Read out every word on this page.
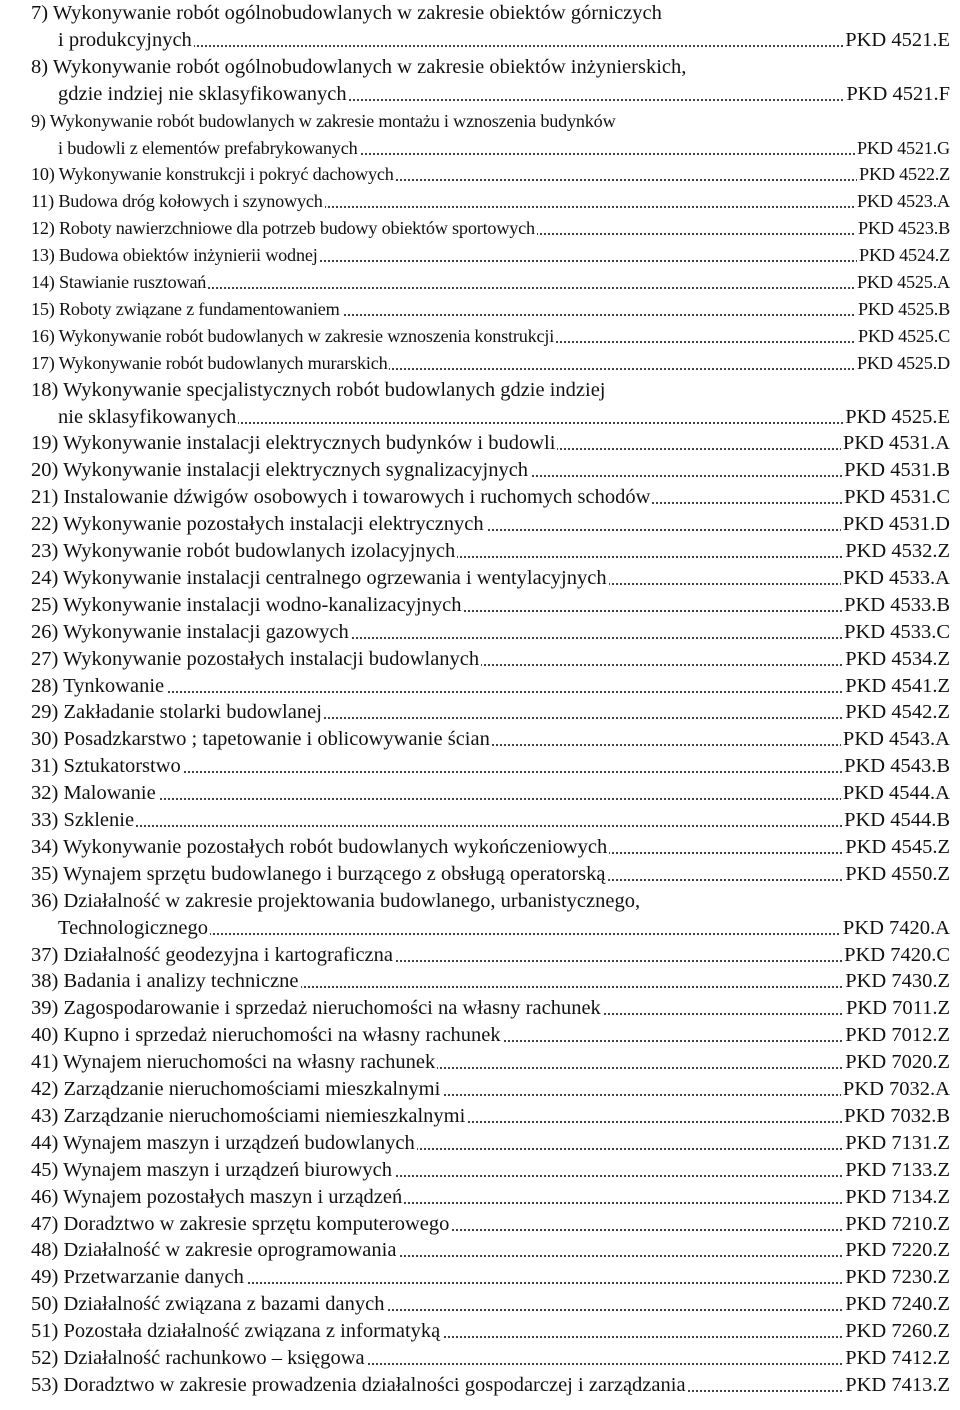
7) Wykonywanie robót ogólnobudowlanych w zakresie obiektów górniczych
i produkcyjnych	PKD 4521.E
8) Wykonywanie robót ogólnobudowlanych w zakresie obiektów inżynierskich,
gdzie indziej nie sklasyfikowanych	PKD 4521.F
9) Wykonywanie robót budowlanych w zakresie montażu i wznoszenia budynków
i budowli z elementów prefabrykowanych	PKD 4521.G
10) Wykonywanie konstrukcji i pokryć dachowych	PKD 4522.Z
11) Budowa dróg kołowych i szynowych	PKD 4523.A
12) Roboty nawierzchniowe dla potrzeb budowy obiektów sportowych	PKD 4523.B
13) Budowa obiektów inżynierii wodnej	PKD 4524.Z
14) Stawianie rusztowań	PKD 4525.A
15) Roboty związane z fundamentowaniem	PKD 4525.B
16) Wykonywanie robót budowlanych w zakresie wznoszenia konstrukcji	PKD 4525.C
17) Wykonywanie robót budowlanych murarskich	PKD 4525.D
18) Wykonywanie specjalistycznych robót budowlanych gdzie indziej
nie sklasyfikowanych	PKD 4525.E
19) Wykonywanie instalacji elektrycznych budynków i budowli	PKD 4531.A
20) Wykonywanie instalacji elektrycznych sygnalizacyjnych	PKD 4531.B
21) Instalowanie dźwigów osobowych i towarowych i ruchomych schodów	PKD 4531.C
22) Wykonywanie pozostałych instalacji elektrycznych	PKD 4531.D
23) Wykonywanie robót budowlanych izolacyjnych	PKD 4532.Z
24) Wykonywanie instalacji centralnego ogrzewania i wentylacyjnych	PKD 4533.A
25) Wykonywanie instalacji wodno-kanalizacyjnych	PKD 4533.B
26) Wykonywanie instalacji gazowych	PKD 4533.C
27) Wykonywanie pozostałych instalacji budowlanych	PKD 4534.Z
28) Tynkowanie	PKD 4541.Z
29) Zakładanie stolarki budowlanej	PKD 4542.Z
30) Posadzkarstwo ; tapetowanie i oblicowywanie ścian	PKD 4543.A
31) Sztukatorstwo	PKD 4543.B
32) Malowanie	PKD 4544.A
33) Szklenie	PKD 4544.B
34) Wykonywanie pozostałych robót budowlanych wykończeniowych	PKD 4545.Z
35) Wynajem sprzętu budowlanego i burzącego z obsługą operatorską	PKD 4550.Z
36) Działalność w zakresie projektowania budowlanego, urbanistycznego,
Technologicznego	PKD 7420.A
37) Działalność geodezyjna i kartograficzna	PKD 7420.C
38) Badania i analizy techniczne	PKD 7430.Z
39) Zagospodarowanie i sprzedaż nieruchomości na własny rachunek	PKD 7011.Z
40) Kupno i sprzedaż nieruchomości na własny rachunek	PKD 7012.Z
41) Wynajem nieruchomości na własny rachunek	PKD 7020.Z
42) Zarządzanie nieruchomościami mieszkalnymi	PKD 7032.A
43) Zarządzanie nieruchomościami niemieszkalnymi	PKD 7032.B
44) Wynajem maszyn i urządzeń budowlanych	PKD 7131.Z
45) Wynajem maszyn i urządzeń biurowych	PKD 7133.Z
46) Wynajem pozostałych maszyn i urządzeń	PKD 7134.Z
47) Doradztwo w zakresie sprzętu komputerowego	PKD 7210.Z
48) Działalność w zakresie oprogramowania	PKD 7220.Z
49) Przetwarzanie danych	PKD 7230.Z
50) Działalność związana z bazami danych	PKD 7240.Z
51) Pozostała działalność związana z informatyką	PKD 7260.Z
52) Działalność rachunkowo – księgowa	PKD 7412.Z
53) Doradztwo w zakresie prowadzenia działalności gospodarczej i zarządzania	PKD 7413.Z
